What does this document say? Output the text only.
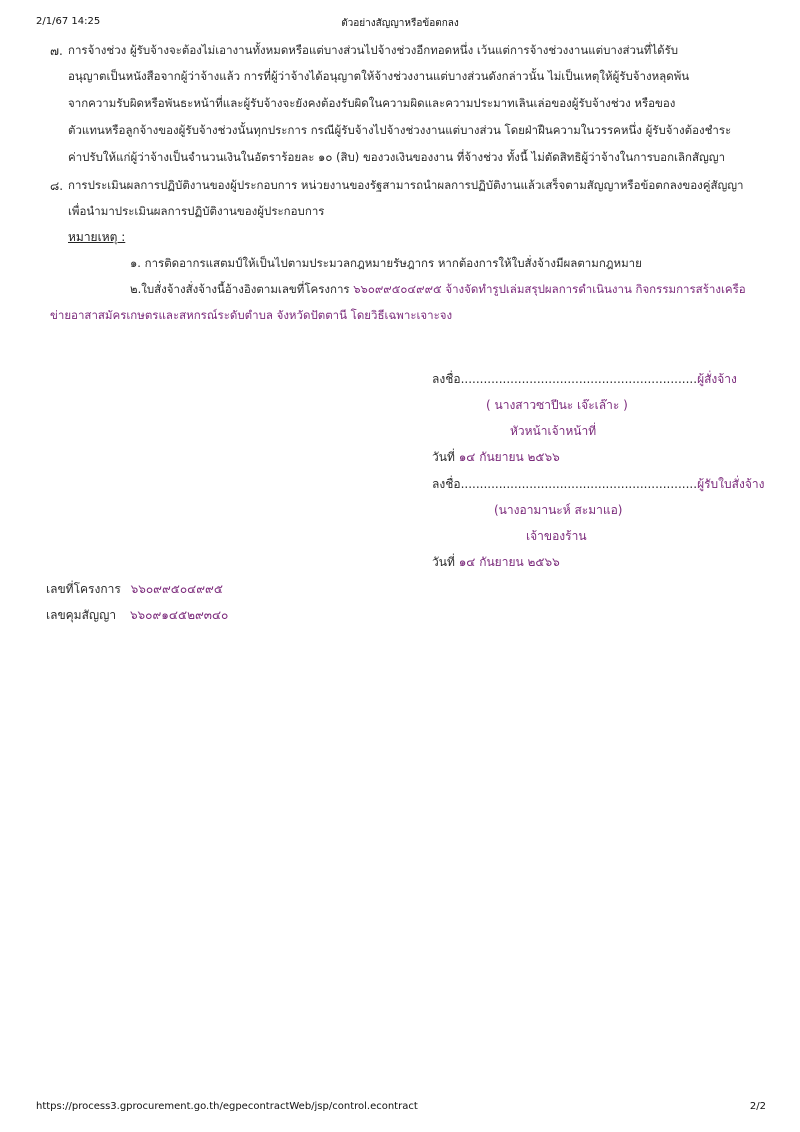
2/1/67 14:25	ตัวอย่างสัญญาหรือข้อตกลง
๗. การจ้างช่วง ผู้รับจ้างจะต้องไม่เอางานทั้งหมดหรือแต่บางส่วนไปจ้างช่วงอีกทอดหนึ่ง เว้นแต่การจ้างช่วงงานแต่บางส่วนที่ได้รับ
อนุญาตเป็นหนังสือจากผู้ว่าจ้างแล้ว การที่ผู้ว่าจ้างได้อนุญาตให้จ้างช่วงงานแต่บางส่วนดังกล่าวนั้น ไม่เป็นเหตุให้ผู้รับจ้างหลุดพ้น
จากความรับผิดหรือพันธะหน้าที่และผู้รับจ้างจะยังคงต้องรับผิดในความผิดและความประมาทเลินเล่อของผู้รับจ้างช่วง หรือของ
ตัวแทนหรือลูกจ้างของผู้รับจ้างช่วงนั้นทุกประการ กรณีผู้รับจ้างไปจ้างช่วงงานแต่บางส่วน โดยฝ่าฝืนความในวรรคหนึ่ง ผู้รับจ้างต้องชำระ
ค่าปรับให้แก่ผู้ว่าจ้างเป็นจำนวนเงินในอัตราร้อยละ ๑๐ (สิบ) ของวงเงินของงาน ที่จ้างช่วง ทั้งนี้ ไม่ตัดสิทธิผู้ว่าจ้างในการบอกเลิกสัญญา
๘. การประเมินผลการปฏิบัติงานของผู้ประกอบการ หน่วยงานของรัฐสามารถนำผลการปฏิบัติงานแล้วเสร็จตามสัญญาหรือข้อตกลงของคู่สัญญา
เพื่อนำมาประเมินผลการปฏิบัติงานของผู้ประกอบการ
หมายเหตุ :
๑. การติดอากรแสตมป์ให้เป็นไปตามประมวลกฎหมายรัษฎากร หากต้องการให้ใบสั่งจ้างมีผลตามกฎหมาย
๒.ใบสั่งจ้างสั่งจ้างนี้อ้างอิงตามเลขที่โครงการ ๖๖๐๙๙๕๐๔๙๙๕ จ้างจัดทำรูปเล่มสรุปผลการดำเนินงาน กิจกรรมการสร้างเครือ
ข่ายอาสาสมัครเกษตรและสหกรณ์ระดับตำบล จังหวัดปัตตานี โดยวิธีเฉพาะเจาะจง
ลงชื่อ..............................................................ผู้สั่งจ้าง
( นางสาวซาปีนะ เจ๊ะเล๊าะ )
หัวหน้าเจ้าหน้าที่
วันที่ ๑๔ กันยายน ๒๕๖๖
ลงชื่อ..............................................................ผู้รับใบสั่งจ้าง
(นางอามานะห์ สะมาแอ)
เจ้าของร้าน
วันที่ ๑๔ กันยายน ๒๕๖๖
เลขที่โครงการ ๖๖๐๙๙๕๐๔๙๙๕
เลขคุมสัญญา ๖๖๐๙๑๔๕๒๙๓๔๐
https://process3.gprocurement.go.th/egpecontractWeb/jsp/control.econtract	2/2
